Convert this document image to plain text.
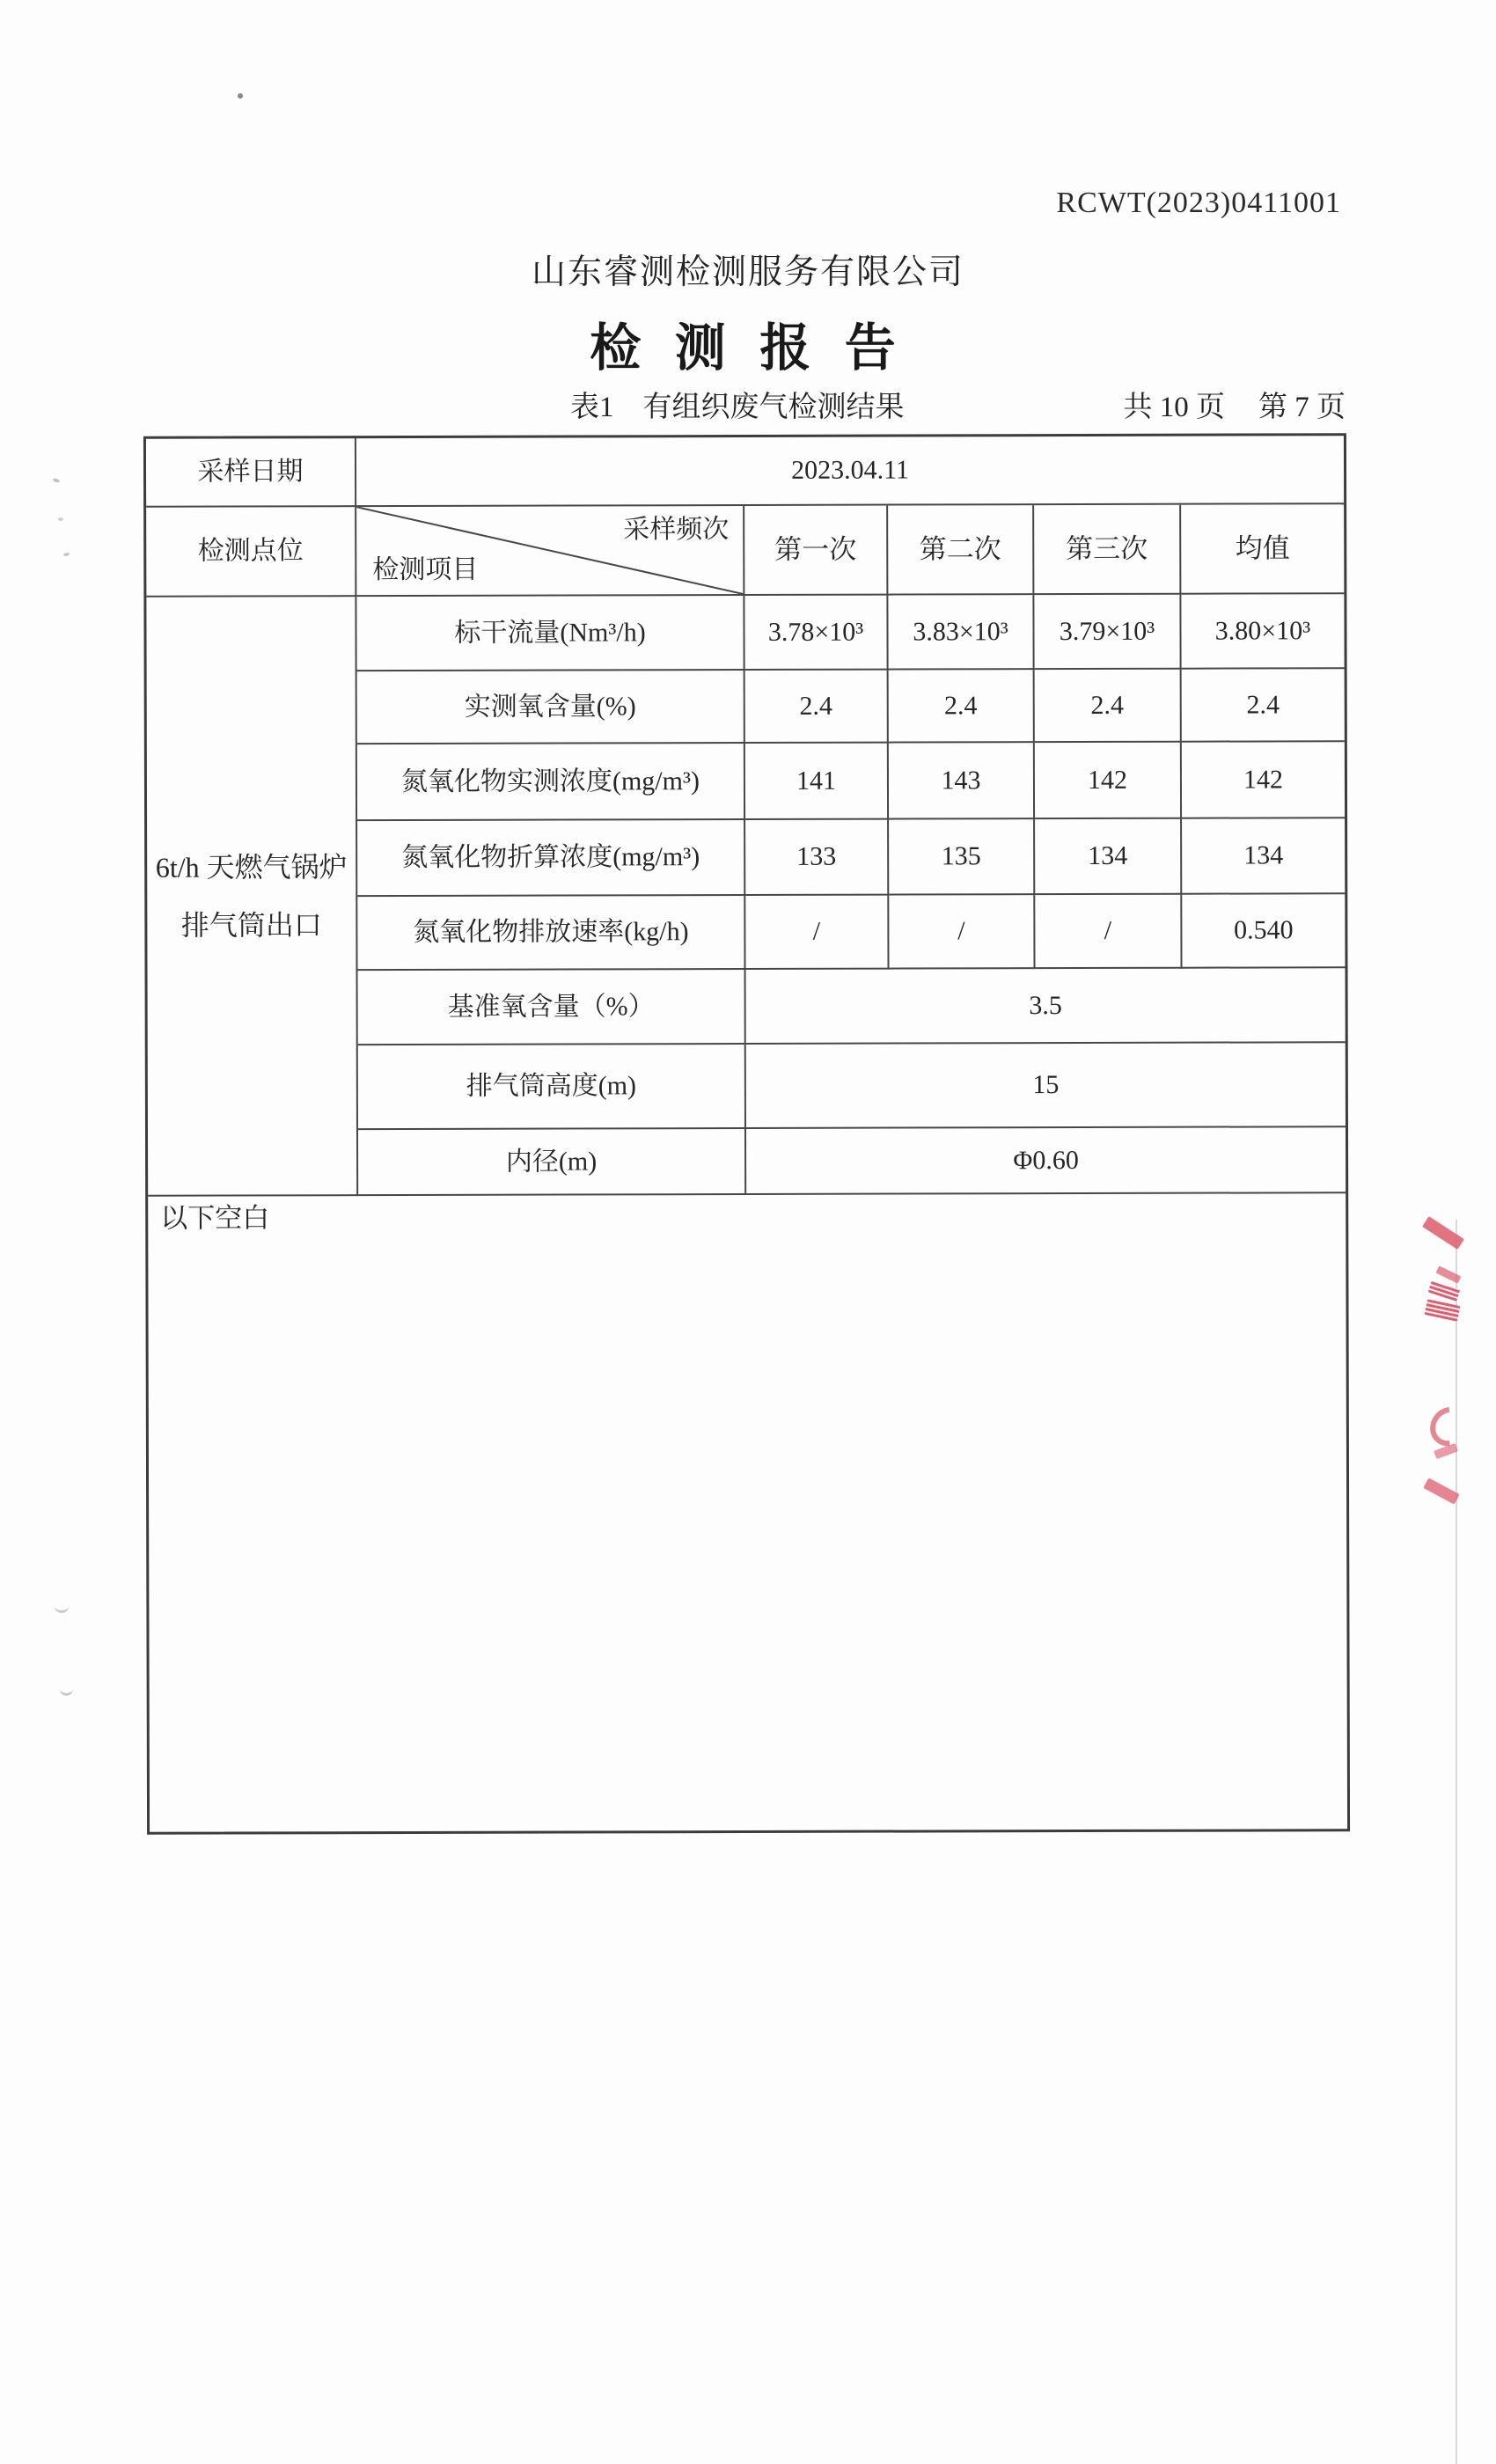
RCWT(2023)0411001
山东睿测检测服务有限公司
检 测 报 告
表1　有组织废气检测结果	共 10 页 第 7 页
采样日期	2023.04.11
检测点位
采样频次
检测项目
第一次	第二次	第三次	均值
6t/h 天燃气锅炉
排气筒出口
标干流量(Nm³/h)	3.78×10³	3.83×10³	3.79×10³	3.80×10³
实测氧含量(%)	2.4	2.4	2.4	2.4
氮氧化物实测浓度(mg/m³)	141	143	142	142
氮氧化物折算浓度(mg/m³)	133	135	134	134
氮氧化物排放速率(kg/h)	/	/	/	0.540
基准氧含量（%）	3.5
排气筒高度(m)	15
内径(m)	Φ0.60
以下空白
